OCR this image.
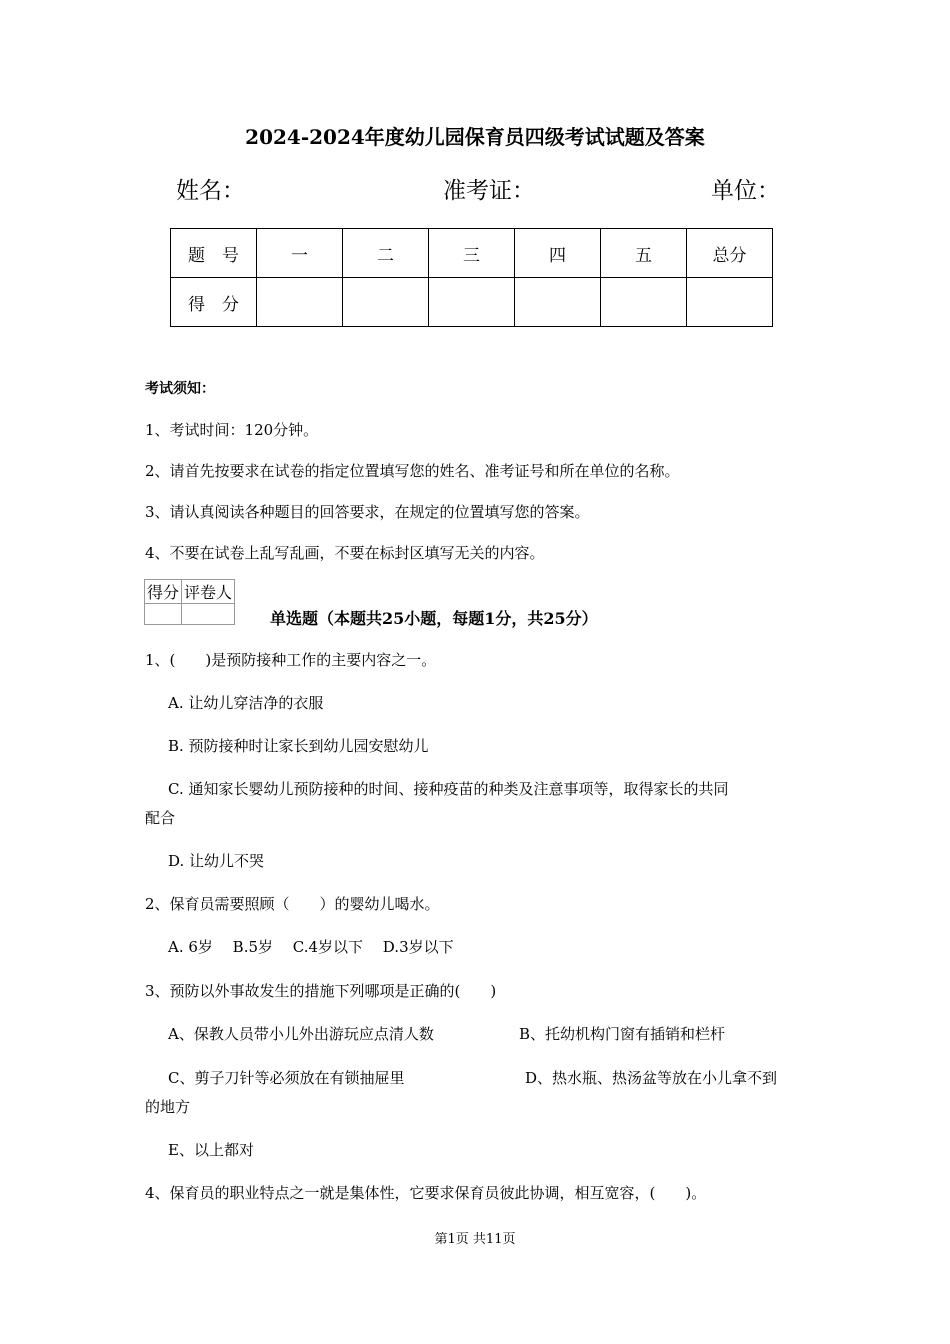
2024-2024年度幼儿园保育员四级考试试题及答案
姓名：	准考证：	单位：
题　号	一	二	三	四	五	总分
得　分						
考试须知：
1、考试时间：120分钟。
2、请首先按要求在试卷的指定位置填写您的姓名、准考证号和所在单位的名称。
3、请认真阅读各种题目的回答要求，在规定的位置填写您的答案。
4、不要在试卷上乱写乱画，不要在标封区填写无关的内容。
得分	评卷人

单选题（本题共25小题，每题1分，共25分）
1、(　　)是预防接种工作的主要内容之一。
A. 让幼儿穿洁净的衣服
B. 预防接种时让家长到幼儿园安慰幼儿
C. 通知家长婴幼儿预防接种的时间、接种疫苗的种类及注意事项等，取得家长的共同
配合
D. 让幼儿不哭
2、保育员需要照顾（　　）的婴幼儿喝水。
A. 6岁　 B.5岁　 C.4岁以下　 D.3岁以下
3、预防以外事故发生的措施下列哪项是正确的(　　)
A、保教人员带小儿外出游玩应点清人数	B、托幼机构门窗有插销和栏杆
C、剪子刀针等必须放在有锁抽屉里	D、热水瓶、热汤盆等放在小儿拿不到
的地方
E、以上都对
4、保育员的职业特点之一就是集体性，它要求保育员彼此协调，相互宽容，(　　)。
第1页 共11页
